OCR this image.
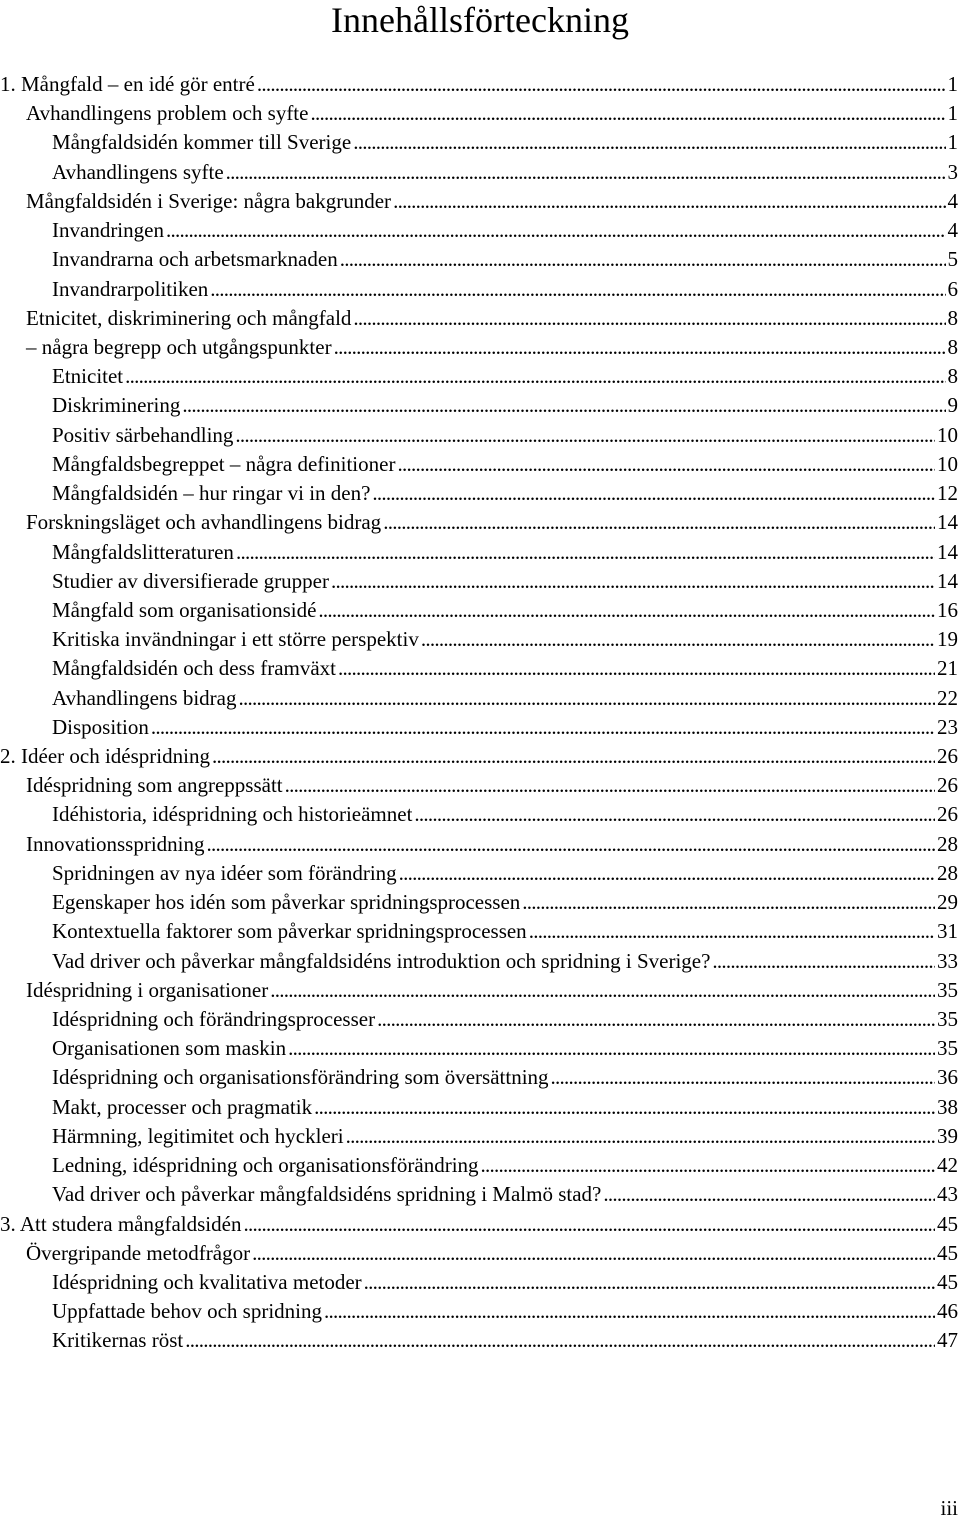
Innehållsförteckning
1. Mångfald – en idé gör entré . . .	1
Avhandlingens problem och syfte . . .	1
Mångfaldsidén kommer till Sverige . . .	1
Avhandlingens syfte . . .	3
Mångfaldsidén i Sverige: några bakgrunder . . .	4
Invandringen . . .	4
Invandrarna och arbetsmarknaden . . .	5
Invandrarpolitiken . . .	6
Etnicitet, diskriminering och mångfald . . .	8
– några begrepp och utgångspunkter . . .	8
Etnicitet . . .	8
Diskriminering . . .	9
Positiv särbehandling . . .	10
Mångfaldsbegreppet – några definitioner . . .	10
Mångfaldsidén – hur ringar vi in den? . . .	12
Forskningsläget och avhandlingens bidrag . . .	14
Mångfaldslitteraturen . . .	14
Studier av diversifierade grupper . . .	14
Mångfald som organisationsidé . . .	16
Kritiska invändningar i ett större perspektiv . . .	19
Mångfaldsidén och dess framväxt . . .	21
Avhandlingens bidrag . . .	22
Disposition . . .	23
2. Idéer och idéspridning . . .	26
Idéspridning som angreppssätt . . .	26
Idéhistoria, idéspridning och historieämnet . . .	26
Innovationsspridning . . .	28
Spridningen av nya idéer som förändring . . .	28
Egenskaper hos idén som påverkar spridningsprocessen . . .	29
Kontextuella faktorer som påverkar spridningsprocessen . . .	31
Vad driver och påverkar mångfaldsidéns introduktion och spridning i Sverige? . . .	33
Idéspridning i organisationer . . .	35
Idéspridning och förändringsprocesser . . .	35
Organisationen som maskin . . .	35
Idéspridning och organisationsförändring som översättning . . .	36
Makt, processer och pragmatik . . .	38
Härmning, legitimitet och hyckleri . . .	39
Ledning, idéspridning och organisationsförändring . . .	42
Vad driver och påverkar mångfaldsidéns spridning i Malmö stad? . . .	43
3. Att studera mångfaldsidén . . .	45
Övergripande metodfrågor . . .	45
Idéspridning och kvalitativa metoder . . .	45
Uppfattade behov och spridning . . .	46
Kritikernas röst . . .	47
iii
